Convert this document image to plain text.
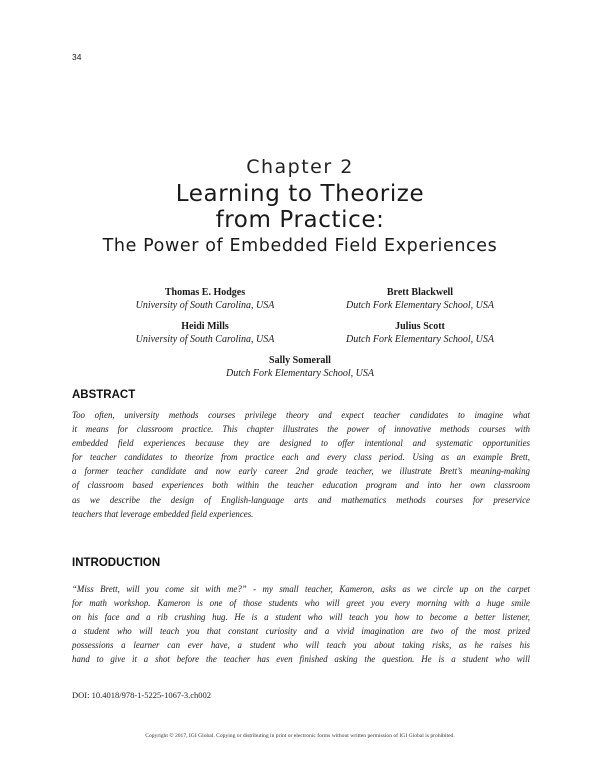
34
Chapter 2
Learning to Theorize
from Practice:
The Power of Embedded Field Experiences
Thomas E. Hodges
University of South Carolina, USA
Brett Blackwell
Dutch Fork Elementary School, USA
Heidi Mills
University of South Carolina, USA
Julius Scott
Dutch Fork Elementary School, USA
Sally Somerall
Dutch Fork Elementary School, USA
ABSTRACT
Too often, university methods courses privilege theory and expect teacher candidates to imagine what
it means for classroom practice. This chapter illustrates the power of innovative methods courses with
embedded field experiences because they are designed to offer intentional and systematic opportunities
for teacher candidates to theorize from practice each and every class period. Using as an example Brett,
a former teacher candidate and now early career 2nd grade teacher, we illustrate Brett’s meaning-making
of classroom based experiences both within the teacher education program and into her own classroom
as we describe the design of English-language arts and mathematics methods courses for preservice
teachers that leverage embedded field experiences.
INTRODUCTION
“Miss Brett, will you come sit with me?” - my small teacher, Kameron, asks as we circle up on the carpet
for math workshop. Kameron is one of those students who will greet you every morning with a huge smile
on his face and a rib crushing hug. He is a student who will teach you how to become a better listener,
a student who will teach you that constant curiosity and a vivid imagination are two of the most prized
possessions a learner can ever have, a student who will teach you about taking risks, as he raises his
hand to give it a shot before the teacher has even finished asking the question. He is a student who will
DOI: 10.4018/978-1-5225-1067-3.ch002
Copyright © 2017, IGI Global. Copying or distributing in print or electronic forms without written permission of IGI Global is prohibited.
